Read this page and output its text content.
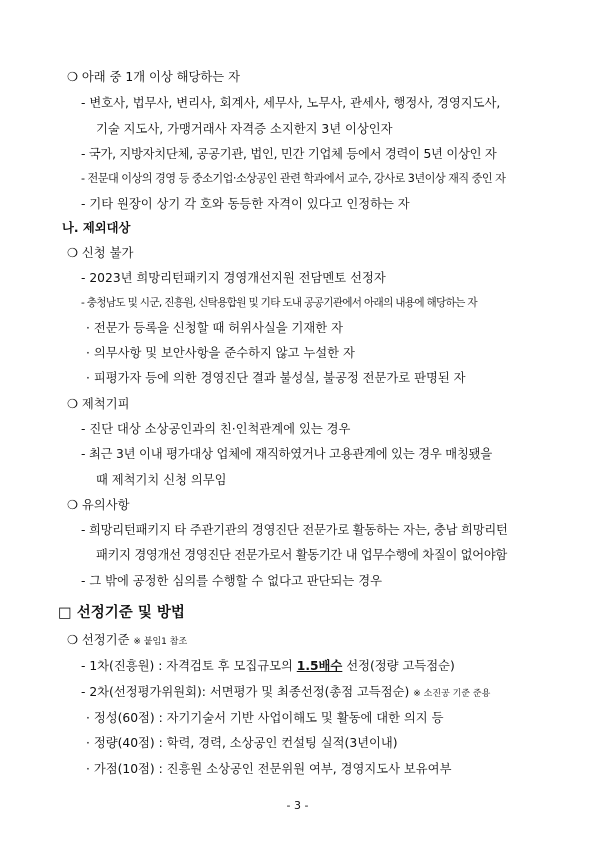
❍ 아래 중 1개 이상 해당하는 자
- 변호사, 법무사, 변리사, 회계사, 세무사, 노무사, 관세사, 행정사, 경영지도사,
기술 지도사, 가맹거래사 자격증 소지한지 3년 이상인자
- 국가, 지방자치단체, 공공기관, 법인, 민간 기업체 등에서 경력이 5년 이상인 자
- 전문대 이상의 경영 등 중소기업·소상공인 관련 학과에서 교수, 강사로 3년이상 재직 중인 자
- 기타 원장이 상기 각 호와 동등한 자격이 있다고 인정하는 자
나. 제외대상
❍ 신청 불가
- 2023년 희망리턴패키지 경영개선지원 전담멘토 선정자
- 충청남도 및 시군, 진흥원, 신탁용합원 및 기타 도내 공공기관에서 아래의 내용에 해당하는 자
· 전문가 등록을 신청할 때 허위사실을 기재한 자
· 의무사항 및 보안사항을 준수하지 않고 누설한 자
· 피평가자 등에 의한 경영진단 결과 불성실, 불공정 전문가로 판명된 자
❍ 제척기피
- 진단 대상 소상공인과의 친·인척관계에 있는 경우
- 최근 3년 이내 평가대상 업체에 재직하였거나 고용관계에 있는 경우 매칭됐을
때 제척기치 신청 의무임
❍ 유의사항
- 희망리턴패키지 타 주관기관의 경영진단 전문가로 활동하는 자는, 충남 희망리턴
패키지 경영개선 경영진단 전문가로서 활동기간 내 업무수행에 차질이 없어야함
- 그 밖에 공정한 심의를 수행할 수 없다고 판단되는 경우
□ 선정기준 및 방법
❍ 선정기준 ※ 붙임1 참조
- 1차(진흥원) : 자격검토 후 모집규모의 1.5배수 선정(정량 고득점순)
- 2차(선정평가위원회): 서면평가 및 최종선정(총점 고득점순) ※ 소진공 기준 준용
· 정성(60점) : 자기기술서 기반 사업이해도 및 활동에 대한 의지 등
· 정량(40점) : 학력, 경력, 소상공인 컨설팅 실적(3년이내)
· 가점(10점) : 진흥원 소상공인 전문위원 여부, 경영지도사 보유여부
- 3 -
